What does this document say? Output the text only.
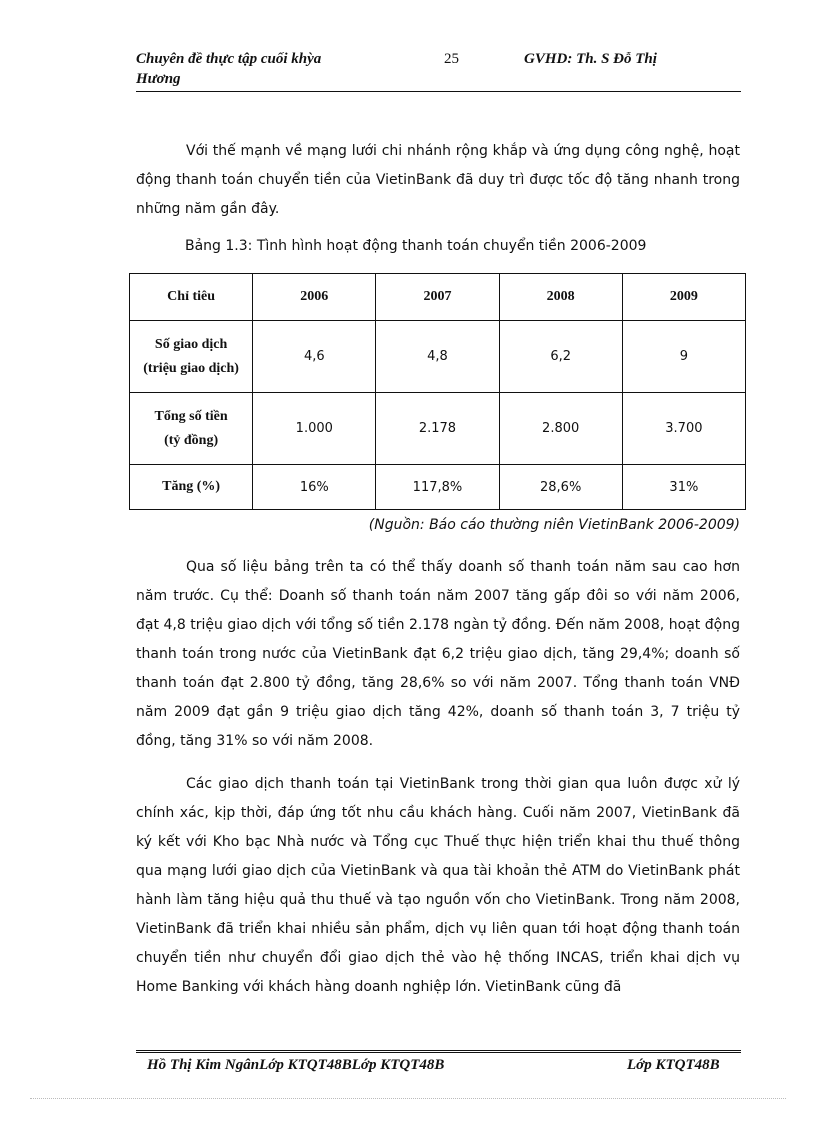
Chuyên đề thực tập cuối khỳa
Hương
25	GVHD: Th. S Đỗ Thị
Với thế mạnh về mạng lưới chi nhánh rộng khắp và ứng dụng công nghệ, hoạt động thanh toán chuyển tiền của VietinBank đã duy trì được tốc độ tăng nhanh trong những năm gần đây.
Bảng 1.3: Tình hình hoạt động thanh toán chuyển tiền 2006-2009
Chỉ tiêu	2006	2007	2008	2009

Số giao dịch
(triệu giao dịch)	4,6	4,8	6,2	9

Tổng số tiền
(tỷ đồng)	1.000	2.178	2.800	3.700
Tăng (%)	16%	117,8%	28,6%	31%
(Nguồn: Báo cáo thường niên VietinBank 2006-2009)
Qua số liệu bảng trên ta có thể thấy doanh số thanh toán năm sau cao hơn năm trước. Cụ thể: Doanh số thanh toán năm 2007 tăng gấp đôi so với năm 2006, đạt 4,8 triệu giao dịch với tổng số tiền 2.178 ngàn tỷ đồng. Đến năm 2008, hoạt động thanh toán trong nước của VietinBank đạt 6,2 triệu giao dịch, tăng 29,4%; doanh số thanh toán đạt 2.800 tỷ đồng, tăng 28,6% so với năm 2007. Tổng thanh toán VNĐ năm 2009 đạt gần 9 triệu giao dịch tăng 42%, doanh số thanh toán 3, 7 triệu tỷ đồng, tăng 31% so với năm 2008.
Các giao dịch thanh toán tại VietinBank trong thời gian qua luôn được xử lý chính xác, kịp thời, đáp ứng tốt nhu cầu khách hàng. Cuối năm 2007, VietinBank đã ký kết với Kho bạc Nhà nước và Tổng cục Thuế thực hiện triển khai thu thuế thông qua mạng lưới giao dịch của VietinBank và qua tài khoản thẻ ATM do VietinBank phát hành làm tăng hiệu quả thu thuế và tạo nguồn vốn cho VietinBank. Trong năm 2008, VietinBank đã triển khai nhiều sản phẩm, dịch vụ liên quan tới hoạt động thanh toán chuyển tiền như chuyển đổi giao dịch thẻ vào hệ thống INCAS, triển khai dịch vụ Home Banking với khách hàng doanh nghiệp lớn. VietinBank cũng đã
Hồ Thị Kim NgânLớp KTQT48BLớp KTQT48B	Lớp KTQT48B
